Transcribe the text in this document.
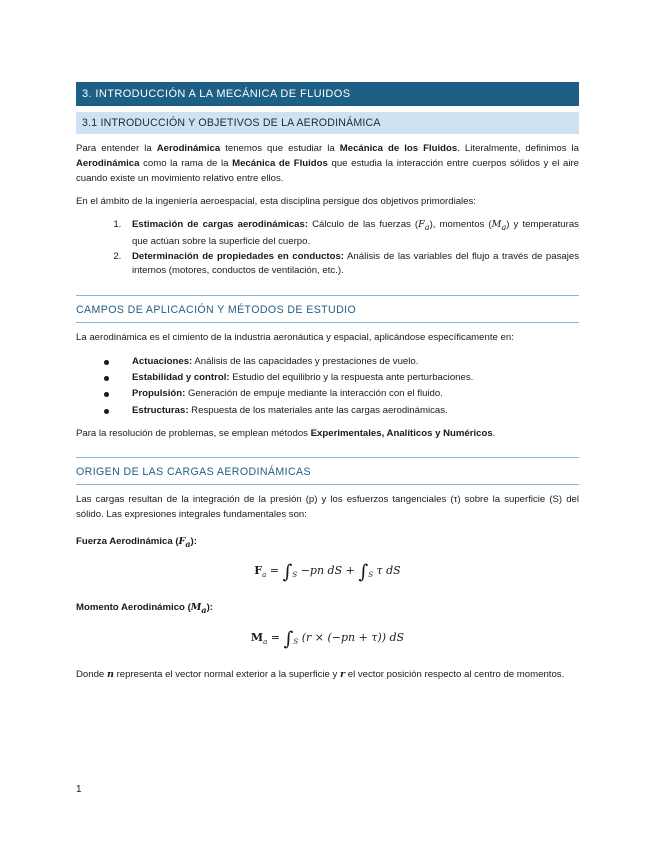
3. INTRODUCCIÓN A LA MECÁNICA DE FLUIDOS
3.1 INTRODUCCIÓN Y OBJETIVOS DE LA AERODINÁMICA

Para entender la Aerodinámica tenemos que estudiar la Mecánica de los Fluidos. Literalmente, definimos la Aerodinámica como la rama de la Mecánica de Fluidos que estudia la interacción entre cuerpos sólidos y el aire cuando existe un movimiento relativo entre ellos.

En el ámbito de la ingeniería aeroespacial, esta disciplina persigue dos objetivos primordiales:

1. Estimación de cargas aerodinámicas: Cálculo de las fuerzas $(F_a)$, momentos $(M_a)$ y temperaturas que actúan sobre la superficie del cuerpo.
2. Determinación de propiedades en conductos: Análisis de las variables del flujo a través de pasajes internos (motores, conductos de ventilación, etc.).
CAMPOS DE APLICACIÓN Y MÉTODOS DE ESTUDIO

La aerodinámica es el cimiento de la industria aeronáutica y espacial, aplicándose específicamente en:

Actuaciones: Análisis de las capacidades y prestaciones de vuelo.
Estabilidad y control: Estudio del equilibrio y la respuesta ante perturbaciones.
Propulsión: Generación de empuje mediante la interacción con el fluido.
Estructuras: Respuesta de los materiales ante las cargas aerodinámicas.

Para la resolución de problemas, se emplean métodos Experimentales, Analíticos y Numéricos.

ORIGEN DE LAS CARGAS AERODINÁMICAS

Las cargas resultan de la integración de la presión (p) y los esfuerzos tangenciales (τ) sobre la superficie (S) del sólido. Las expresiones integrales fundamentales son:

Fuerza Aerodinámica $(F_a)$:

$F_a = \int_S -pn$ dS + $\int_S$ τ dS

Momento Aerodinámico $(M_a)$:

$M_a = \int_S$ (r × (−pn + τ)) dS

Donde n representa el vector normal exterior a la superficie y r el vector posición respecto al centro de momentos.

1
